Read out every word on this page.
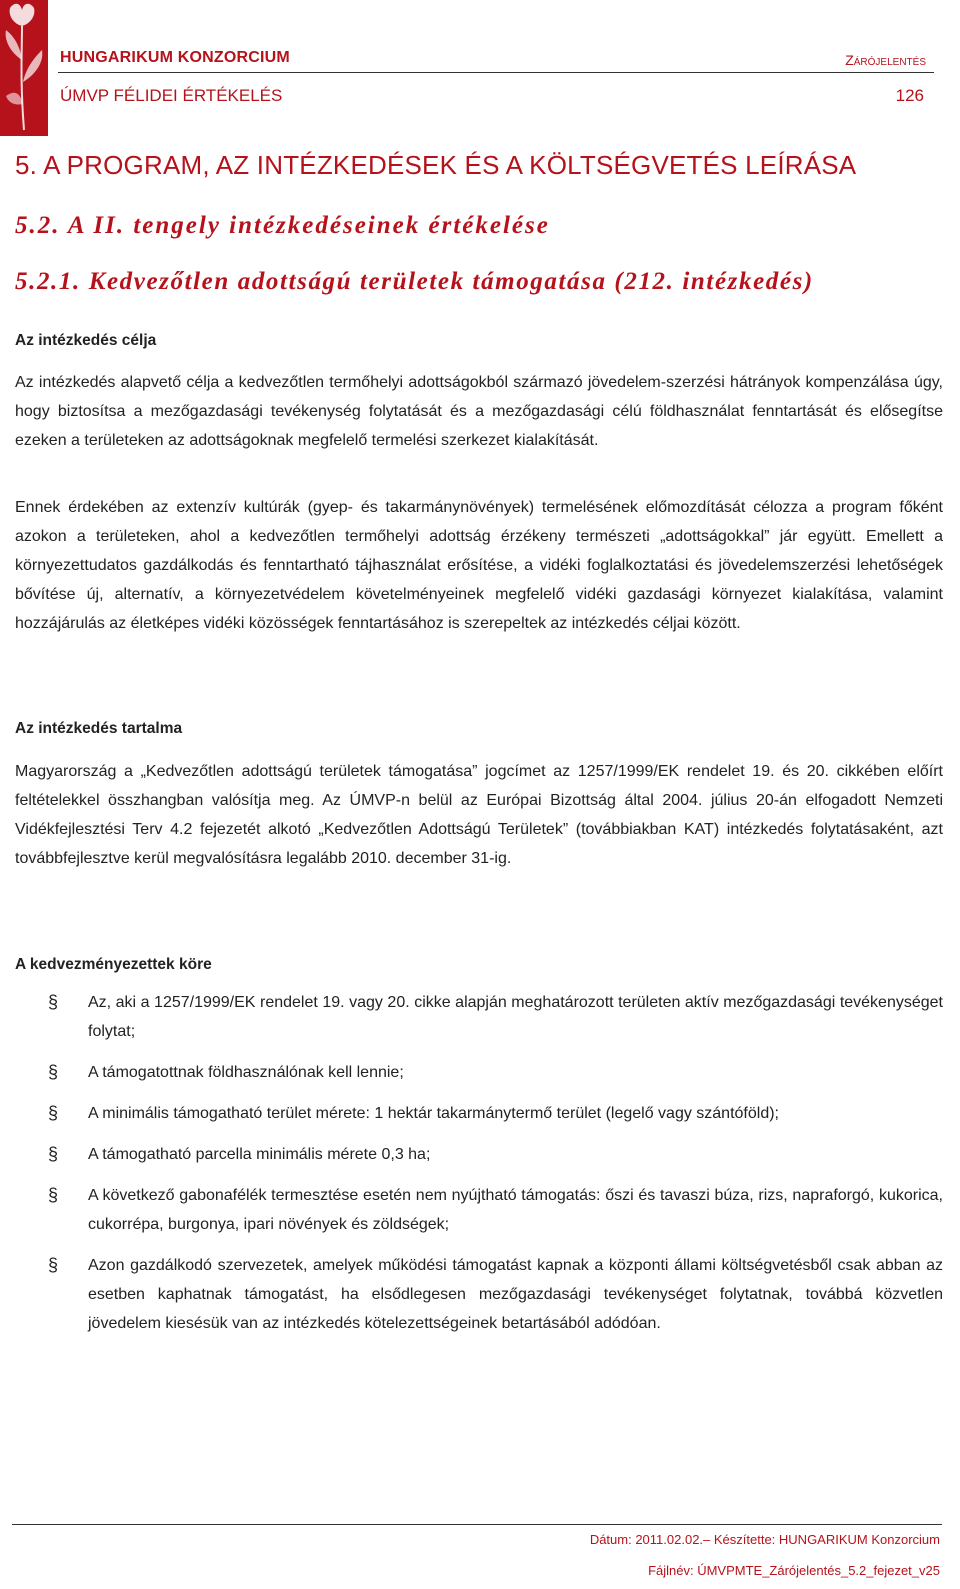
HUNGARIKUM KONZORCIUM	Zárójelentés
ÚMVP FÉLIDEI ÉRTÉKELÉS	126
5. A PROGRAM, AZ INTÉZKEDÉSEK ÉS A KÖLTSÉGVETÉS LEÍRÁSA
5.2. A II. tengely intézkedéseinek értékelése
5.2.1. Kedvezőtlen adottságú területek támogatása (212. intézkedés)
Az intézkedés célja

Az intézkedés alapvető célja a kedvezőtlen termőhelyi adottságokból származó jövedelem-szerzési hátrányok kompenzálása úgy, hogy biztosítsa a mezőgazdasági tevékenység folytatását és a mezőgazdasági célú földhasználat fenntartását és elősegítse ezeken a területeken az adottságoknak megfelelő termelési szerkezet kialakítását.

Ennek érdekében az extenzív kultúrák (gyep- és takarmánynövények) termelésének előmozdítását célozza a program főként azokon a területeken, ahol a kedvezőtlen termőhelyi adottság érzékeny természeti „adottságokkal” jár együtt. Emellett a környezettudatos gazdálkodás és fenntartható tájhasználat erősítése, a vidéki foglalkoztatási és jövedelemszerzési lehetőségek bővítése új, alternatív, a környezetvédelem követelményeinek megfelelő vidéki gazdasági környezet kialakítása, valamint hozzájárulás az életképes vidéki közösségek fenntartásához is szerepeltek az intézkedés céljai között.

Az intézkedés tartalma

Magyarország a „Kedvezőtlen adottságú területek támogatása” jogcímet az 1257/1999/EK rendelet 19. és 20. cikkében előírt feltételekkel összhangban valósítja meg. Az ÚMVP-n belül az Európai Bizottság által 2004. július 20-án elfogadott Nemzeti Vidékfejlesztési Terv 4.2 fejezetét alkotó „Kedvezőtlen Adottságú Területek” (továbbiakban KAT) intézkedés folytatásaként, azt továbbfejlesztve kerül megvalósításra legalább 2010. december 31-ig.

A kedvezményezettek köre
§ Az, aki a 1257/1999/EK rendelet 19. vagy 20. cikke alapján meghatározott területen aktív mezőgazdasági tevékenységet folytat;
§ A támogatottnak földhasználónak kell lennie;
§ A minimális támogatható terület mérete: 1 hektár takarmánytermő terület (legelő vagy szántóföld);
§ A támogatható parcella minimális mérete 0,3 ha;
§ A következő gabonafélék termesztése esetén nem nyújtható támogatás: őszi és tavaszi búza, rizs, napraforgó, kukorica, cukorrépa, burgonya, ipari növények és zöldségek;
§ Azon gazdálkodó szervezetek, amelyek működési támogatást kapnak a központi állami költségvetésből csak abban az esetben kaphatnak támogatást, ha elsődlegesen mezőgazdasági tevékenységet folytatnak, továbbá közvetlen jövedelem kiesésük van az intézkedés kötelezettségeinek betartásából adódóan.
Dátum: 2011.02.02.– Készítette: HUNGARIKUM Konzorcium
Fájlnév: ÚMVPMTE_Zárójelentés_5.2_fejezet_v25
